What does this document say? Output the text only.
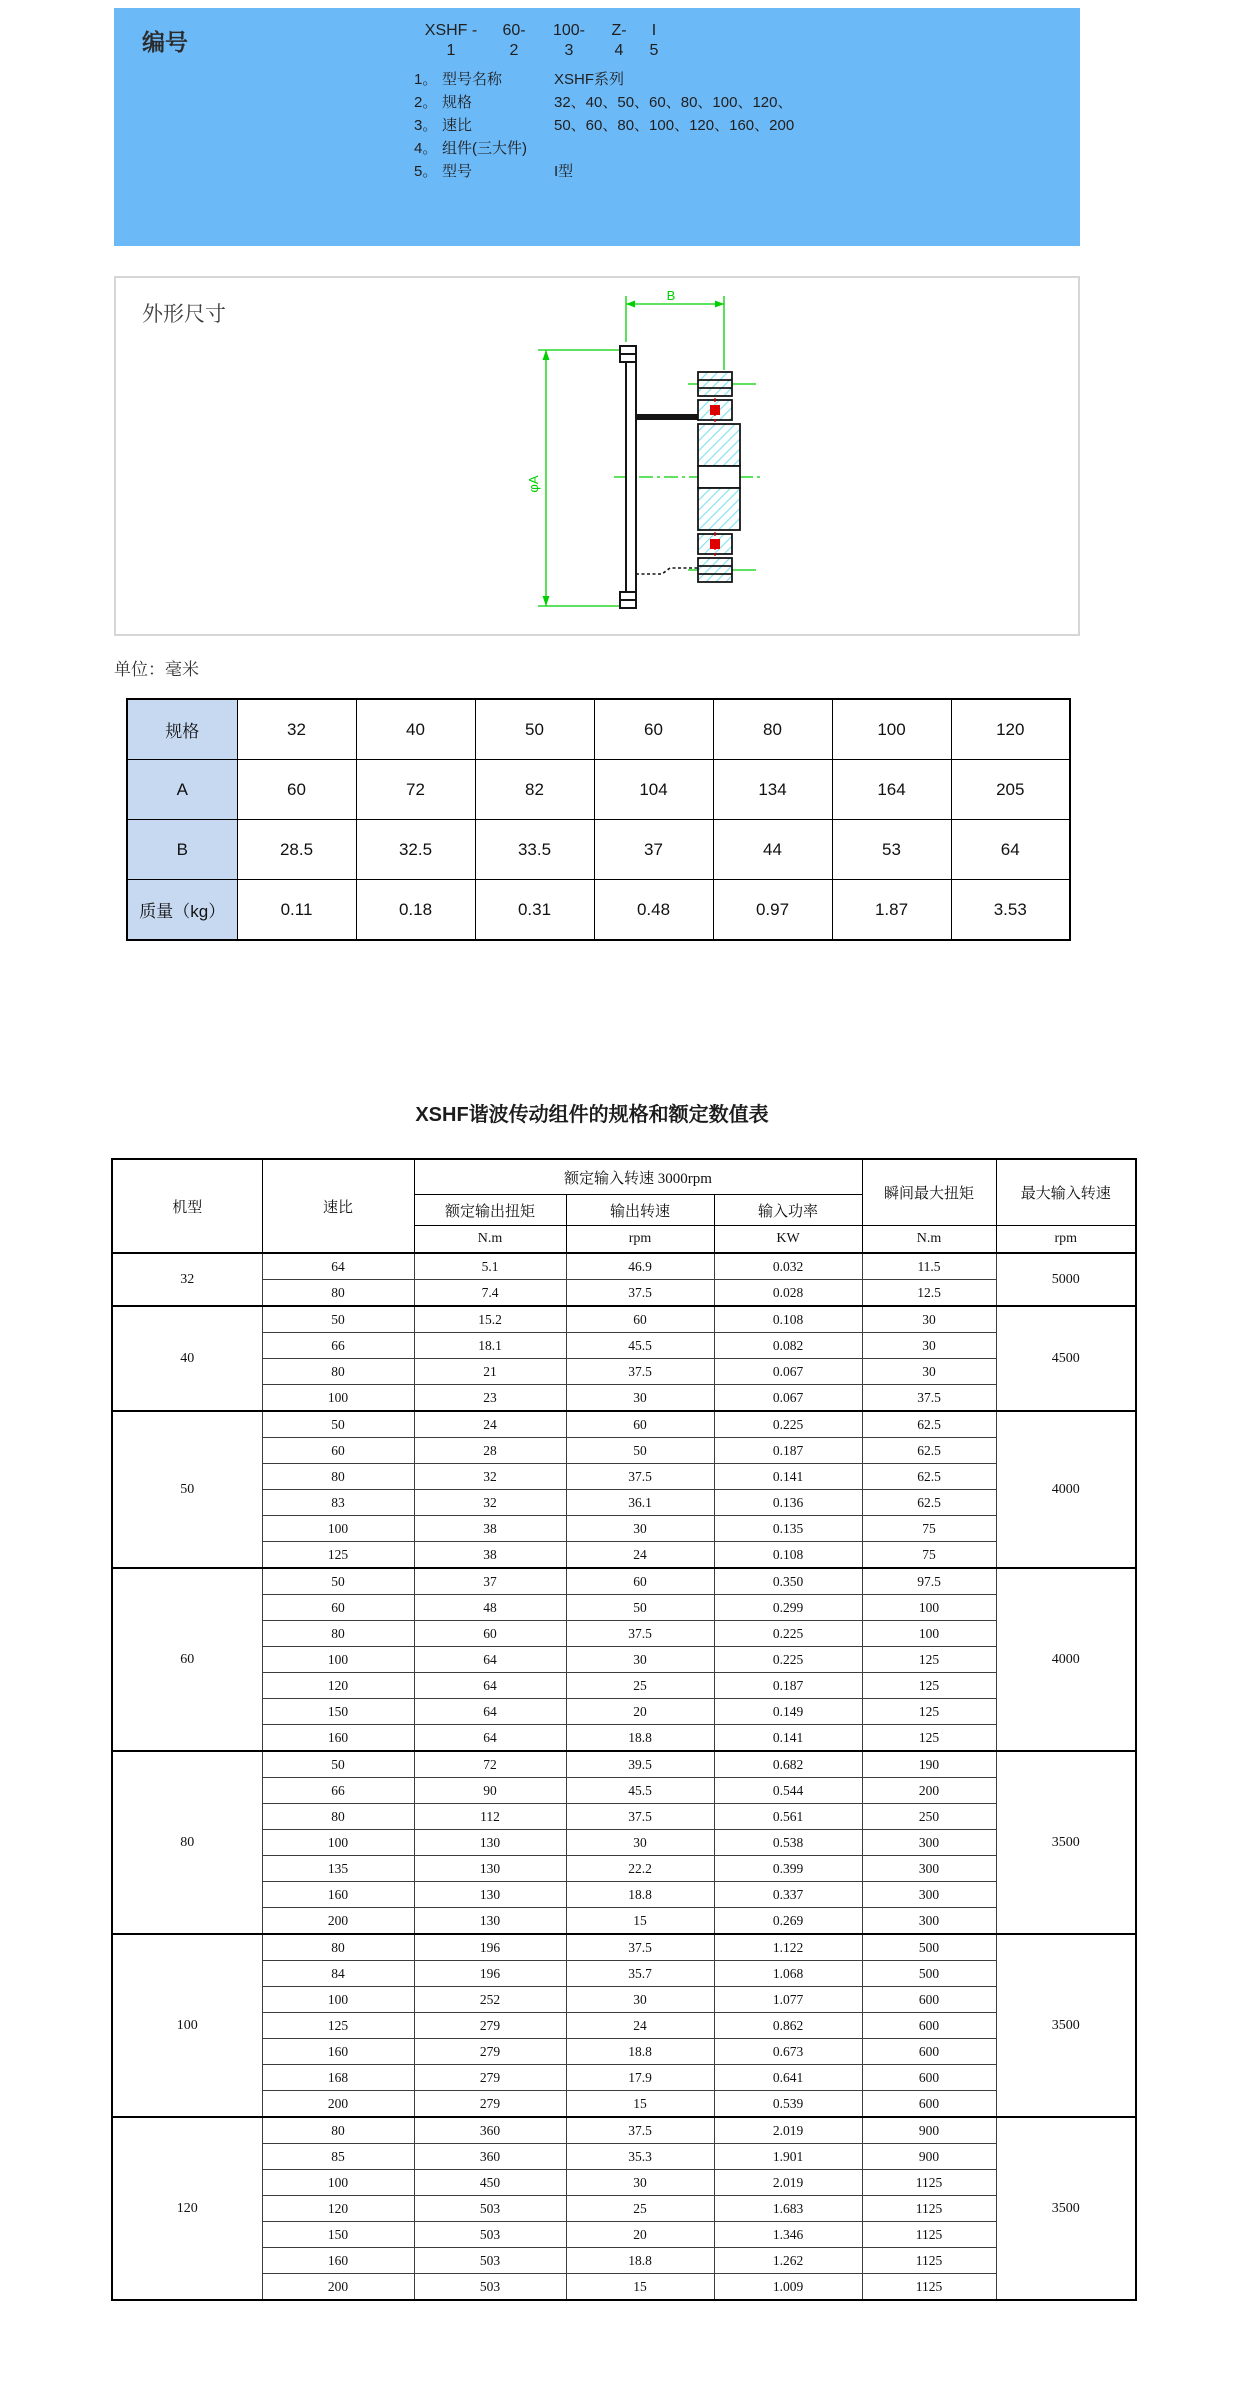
编号	XSHF -	60-	100-	Z-	I
1	2	3	4	5
1。 型号名称	XSHF系列
2。 规格	32、40、50、60、80、100、120、
3。 速比	50、60、80、100、120、160、200
4。 组件(三大件)
5。 型号	I型
外形尺寸
B
φA
单位：毫米
规格	32	40	50	60	80	100	120
A	60	72	82	104	134	164	205
B	28.5	32.5	33.5	37	44	53	64
质量（kg）	0.11	0.18	0.31	0.48	0.97	1.87	3.53
XSHF谐波传动组件的规格和额定数值表
机型	速比	额定输入转速 3000rpm			瞬间最大扭矩	最大输入转速
		额定输出扭矩	输出转速	输入功率		
		N.m	rpm	KW	N.m	rpm
32	64	5.1	46.9	0.032	11.5	5000
	80	7.4	37.5	0.028	12.5	
40	50	15.2	60	0.108	30	4500
	66	18.1	45.5	0.082	30	
	80	21	37.5	0.067	30	
	100	23	30	0.067	37.5	
50	50	24	60	0.225	62.5	4000
	60	28	50	0.187	62.5	
	80	32	37.5	0.141	62.5	
	83	32	36.1	0.136	62.5	
	100	38	30	0.135	75	
	125	38	24	0.108	75	
60	50	37	60	0.350	97.5	4000
	60	48	50	0.299	100	
	80	60	37.5	0.225	100	
	100	64	30	0.225	125	
	120	64	25	0.187	125	
	150	64	20	0.149	125	
	160	64	18.8	0.141	125	
80	50	72	39.5	0.682	190	3500
	66	90	45.5	0.544	200	
	80	112	37.5	0.561	250	
	100	130	30	0.538	300	
	135	130	22.2	0.399	300	
	160	130	18.8	0.337	300	
	200	130	15	0.269	300	
100	80	196	37.5	1.122	500	3500
	84	196	35.7	1.068	500	
	100	252	30	1.077	600	
	125	279	24	0.862	600	
	160	279	18.8	0.673	600	
	168	279	17.9	0.641	600	
	200	279	15	0.539	600	
120	80	360	37.5	2.019	900	3500
	85	360	35.3	1.901	900	
	100	450	30	2.019	1125	
	120	503	25	1.683	1125	
	150	503	20	1.346	1125	
	160	503	18.8	1.262	1125	
	200	503	15	1.009	1125	
